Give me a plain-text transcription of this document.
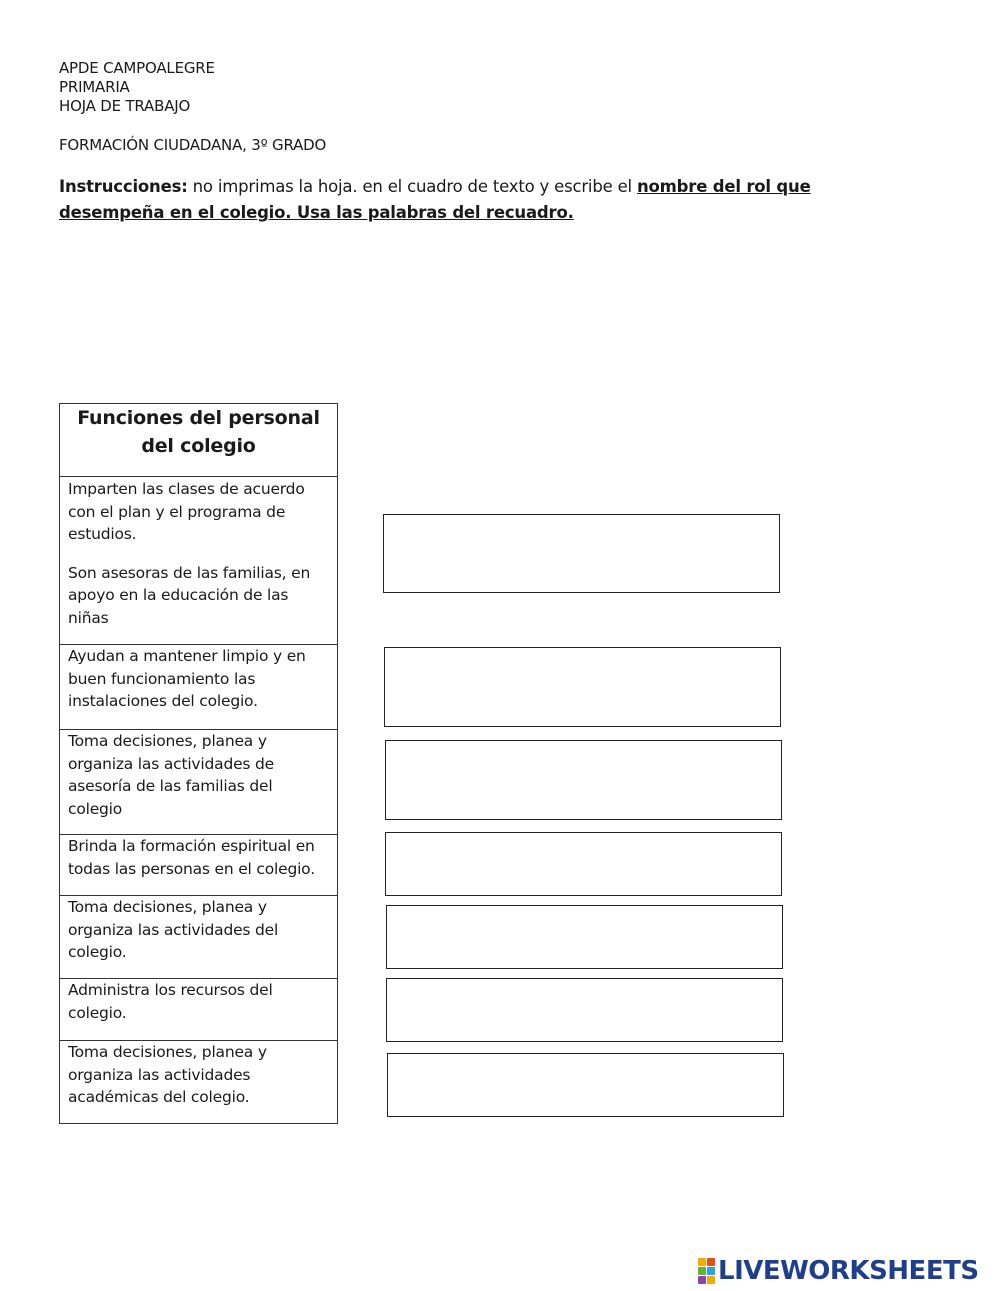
APDE CAMPOALEGRE
PRIMARIA
HOJA DE TRABAJO
FORMACIÓN CIUDADANA, 3º GRADO
Instrucciones: no imprimas la hoja. en el cuadro de texto y escribe el nombre del rol que desempeña en el colegio. Usa las palabras del recuadro.
Funciones del personal del colegio

Imparten las clases de acuerdo con el plan y el programa de estudios.
Son asesoras de las familias, en apoyo en la educación de las niñas

Ayudan a mantener limpio y en buen funcionamiento las instalaciones del colegio.

Toma decisiones, planea y organiza las actividades de asesoría de las familias del colegio

Brinda la formación espiritual en todas las personas en el colegio.

Toma decisiones, planea y organiza las actividades del colegio.

Administra los recursos del colegio.

Toma decisiones, planea y organiza las actividades académicas del colegio.
LIVEWORKSHEETS
